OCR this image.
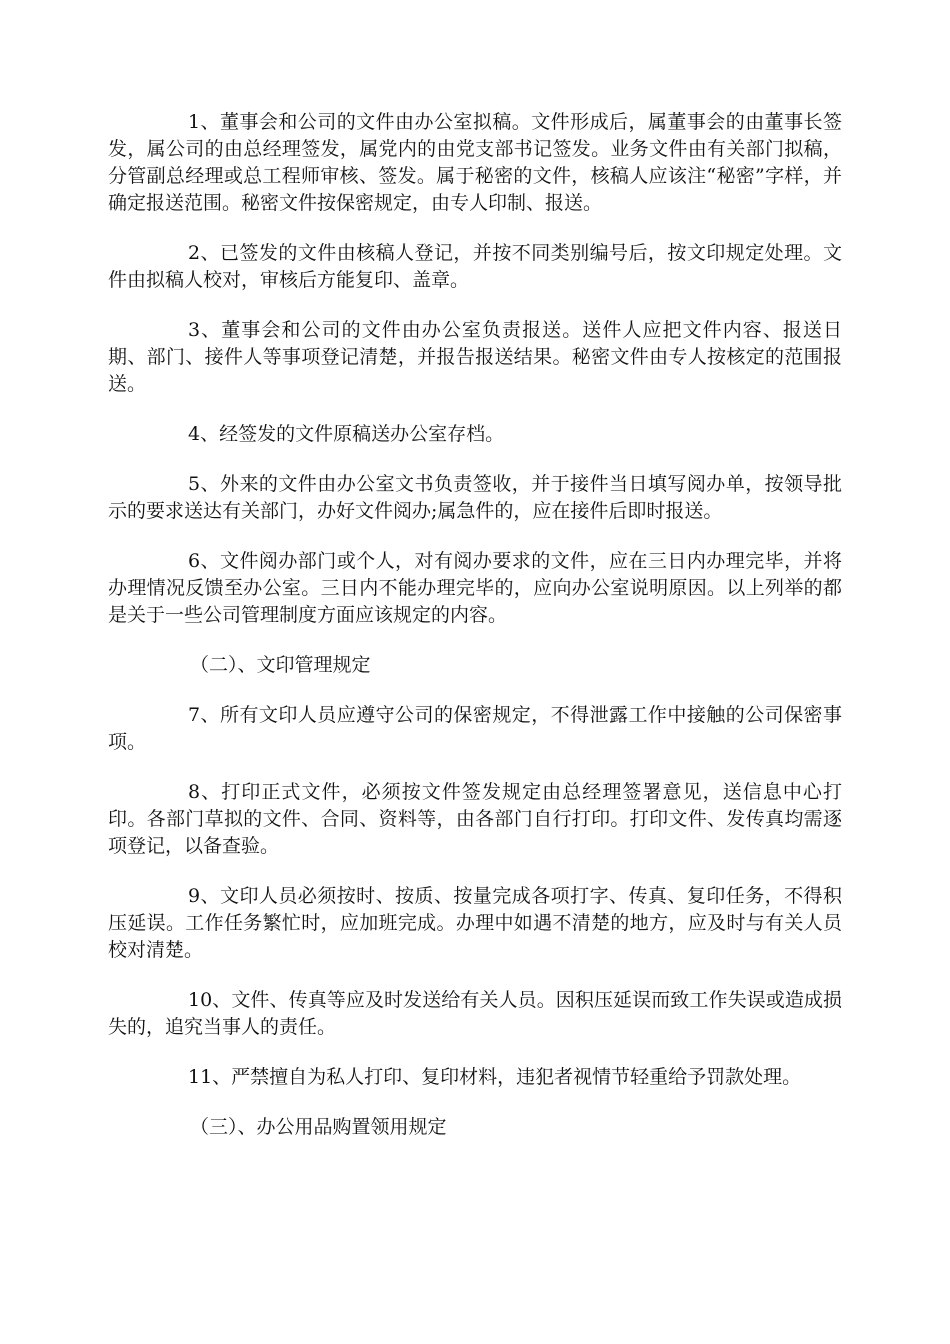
1、董事会和公司的文件由办公室拟稿。文件形成后，属董事会的由董事长签发，属公司的由总经理签发，属党内的由党支部书记签发。业务文件由有关部门拟稿，分管副总经理或总工程师审核、签发。属于秘密的文件，核稿人应该注“秘密”字样，并确定报送范围。秘密文件按保密规定，由专人印制、报送。

2、已签发的文件由核稿人登记，并按不同类别编号后，按文印规定处理。文件由拟稿人校对，审核后方能复印、盖章。

3、董事会和公司的文件由办公室负责报送。送件人应把文件内容、报送日期、部门、接件人等事项登记清楚，并报告报送结果。秘密文件由专人按核定的范围报送。

4、经签发的文件原稿送办公室存档。

5、外来的文件由办公室文书负责签收，并于接件当日填写阅办单，按领导批示的要求送达有关部门，办好文件阅办;属急件的，应在接件后即时报送。

6、文件阅办部门或个人，对有阅办要求的文件，应在三日内办理完毕，并将办理情况反馈至办公室。三日内不能办理完毕的，应向办公室说明原因。以上列举的都是关于一些公司管理制度方面应该规定的内容。

（二）、文印管理规定

7、所有文印人员应遵守公司的保密规定，不得泄露工作中接触的公司保密事项。

8、打印正式文件，必须按文件签发规定由总经理签署意见，送信息中心打印。各部门草拟的文件、合同、资料等，由各部门自行打印。打印文件、发传真均需逐项登记，以备查验。

9、文印人员必须按时、按质、按量完成各项打字、传真、复印任务，不得积压延误。工作任务繁忙时，应加班完成。办理中如遇不清楚的地方，应及时与有关人员校对清楚。

10、文件、传真等应及时发送给有关人员。因积压延误而致工作失误或造成损失的，追究当事人的责任。

11、严禁擅自为私人打印、复印材料，违犯者视情节轻重给予罚款处理。

（三）、办公用品购置领用规定
